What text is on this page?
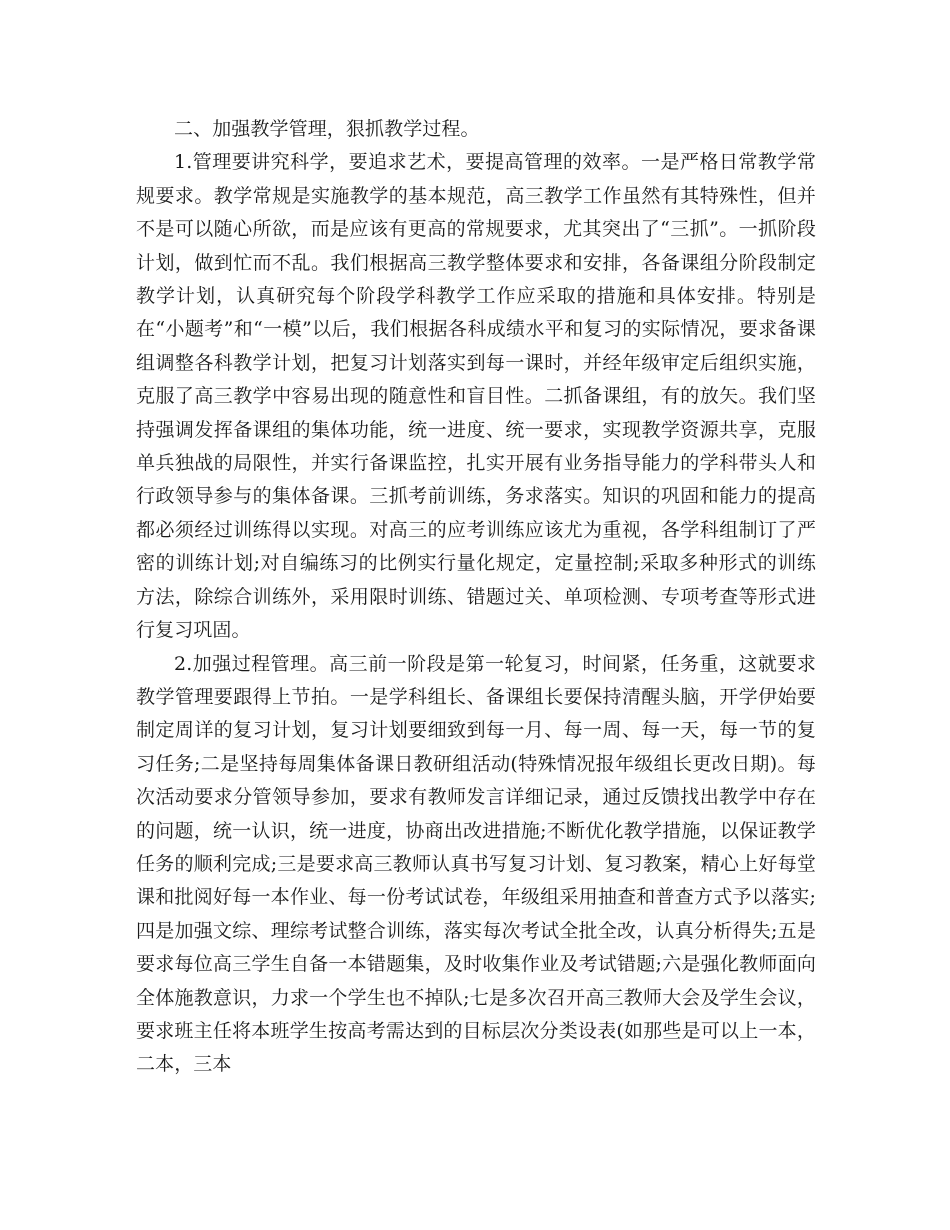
二、加强教学管理，狠抓教学过程。

1.管理要讲究科学，要追求艺术，要提高管理的效率。一是严格日常教学常规要求。教学常规是实施教学的基本规范，高三教学工作虽然有其特殊性，但并不是可以随心所欲，而是应该有更高的常规要求，尤其突出了“三抓”。一抓阶段计划，做到忙而不乱。我们根据高三教学整体要求和安排，各备课组分阶段制定教学计划，认真研究每个阶段学科教学工作应采取的措施和具体安排。特别是在“小题考”和“一模”以后，我们根据各科成绩水平和复习的实际情况，要求备课组调整各科教学计划，把复习计划落实到每一课时，并经年级审定后组织实施，克服了高三教学中容易出现的随意性和盲目性。二抓备课组，有的放矢。我们坚持强调发挥备课组的集体功能，统一进度、统一要求，实现教学资源共享，克服单兵独战的局限性，并实行备课监控，扎实开展有业务指导能力的学科带头人和行政领导参与的集体备课。三抓考前训练，务求落实。知识的巩固和能力的提高都必须经过训练得以实现。对高三的应考训练应该尤为重视，各学科组制订了严密的训练计划;对自编练习的比例实行量化规定，定量控制;采取多种形式的训练方法，除综合训练外，采用限时训练、错题过关、单项检测、专项考查等形式进行复习巩固。

2.加强过程管理。高三前一阶段是第一轮复习，时间紧，任务重，这就要求教学管理要跟得上节拍。一是学科组长、备课组长要保持清醒头脑，开学伊始要制定周详的复习计划，复习计划要细致到每一月、每一周、每一天，每一节的复习任务;二是坚持每周集体备课日教研组活动(特殊情况报年级组长更改日期)。每次活动要求分管领导参加，要求有教师发言详细记录，通过反馈找出教学中存在的问题，统一认识，统一进度，协商出改进措施;不断优化教学措施，以保证教学任务的顺利完成;三是要求高三教师认真书写复习计划、复习教案，精心上好每堂课和批阅好每一本作业、每一份考试试卷，年级组采用抽查和普查方式予以落实;四是加强文综、理综考试整合训练，落实每次考试全批全改，认真分析得失;五是要求每位高三学生自备一本错题集，及时收集作业及考试错题;六是强化教师面向全体施教意识，力求一个学生也不掉队;七是多次召开高三教师大会及学生会议，要求班主任将本班学生按高考需达到的目标层次分类设表(如那些是可以上一本，二本，三本
